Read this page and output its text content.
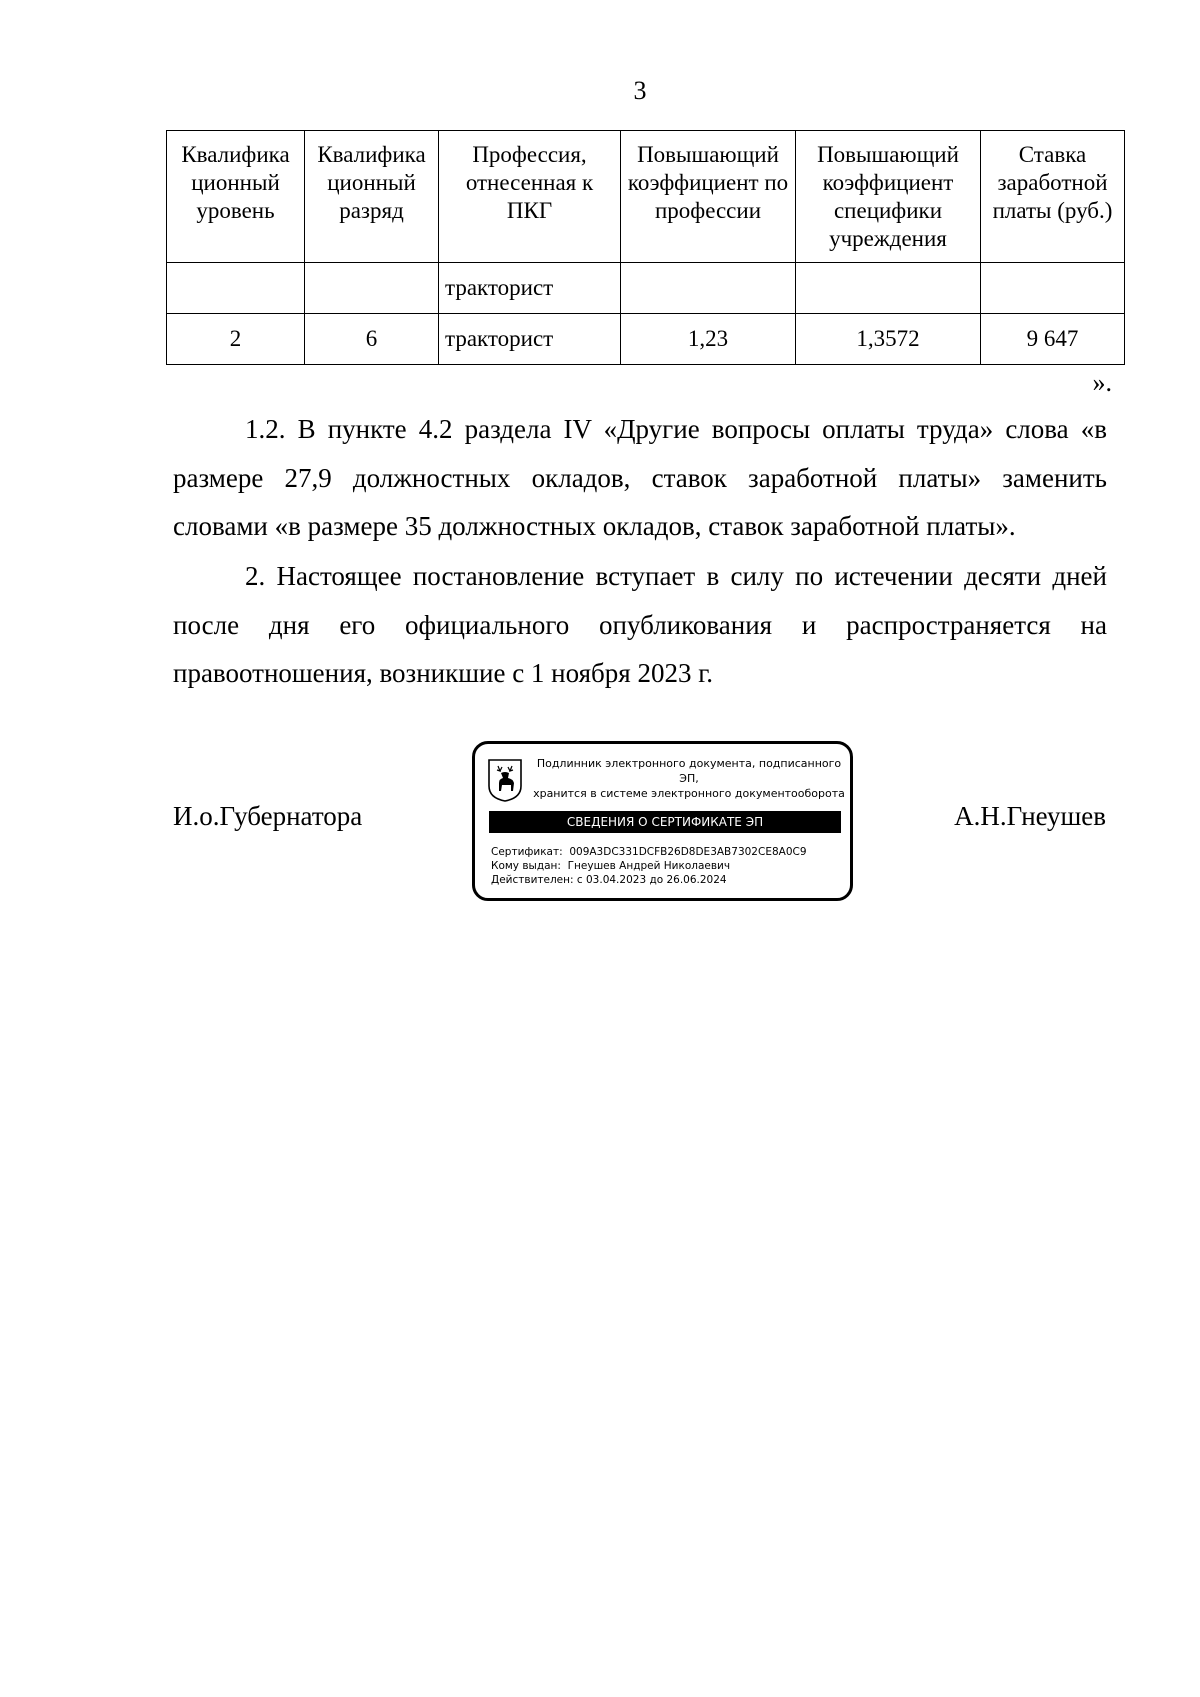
3
Квалифика ционный уровень	Квалифика ционный разряд	Профессия, отнесенная к ПКГ	Повышающий коэффициент по профессии	Повышающий коэффициент специфики учреждения	Ставка заработной платы (руб.)
		тракторист			
2	6	тракторист	1,23	1,3572	9 647
».

1.2. В пункте 4.2 раздела IV «Другие вопросы оплаты труда» слова «в размере 27,9 должностных окладов, ставок заработной платы» заменить словами «в размере 35 должностных окладов, ставок заработной платы».

2. Настоящее постановление вступает в силу по истечении десяти дней после дня его официального опубликования и распространяется на правоотношения, возникшие с 1 ноября 2023 г.

И.о.Губернатора
Подлинник электронного документа, подписанного ЭП,
хранится в системе электронного документооборота
СВЕДЕНИЯ О СЕРТИФИКАТЕ ЭП
Сертификат: 009A3DC331DCFB26D8DE3AB7302CE8A0C9
Кому выдан: Гнеушев Андрей Николаевич
Действителен: с 03.04.2023 до 26.06.2024
А.Н.Гнеушев
